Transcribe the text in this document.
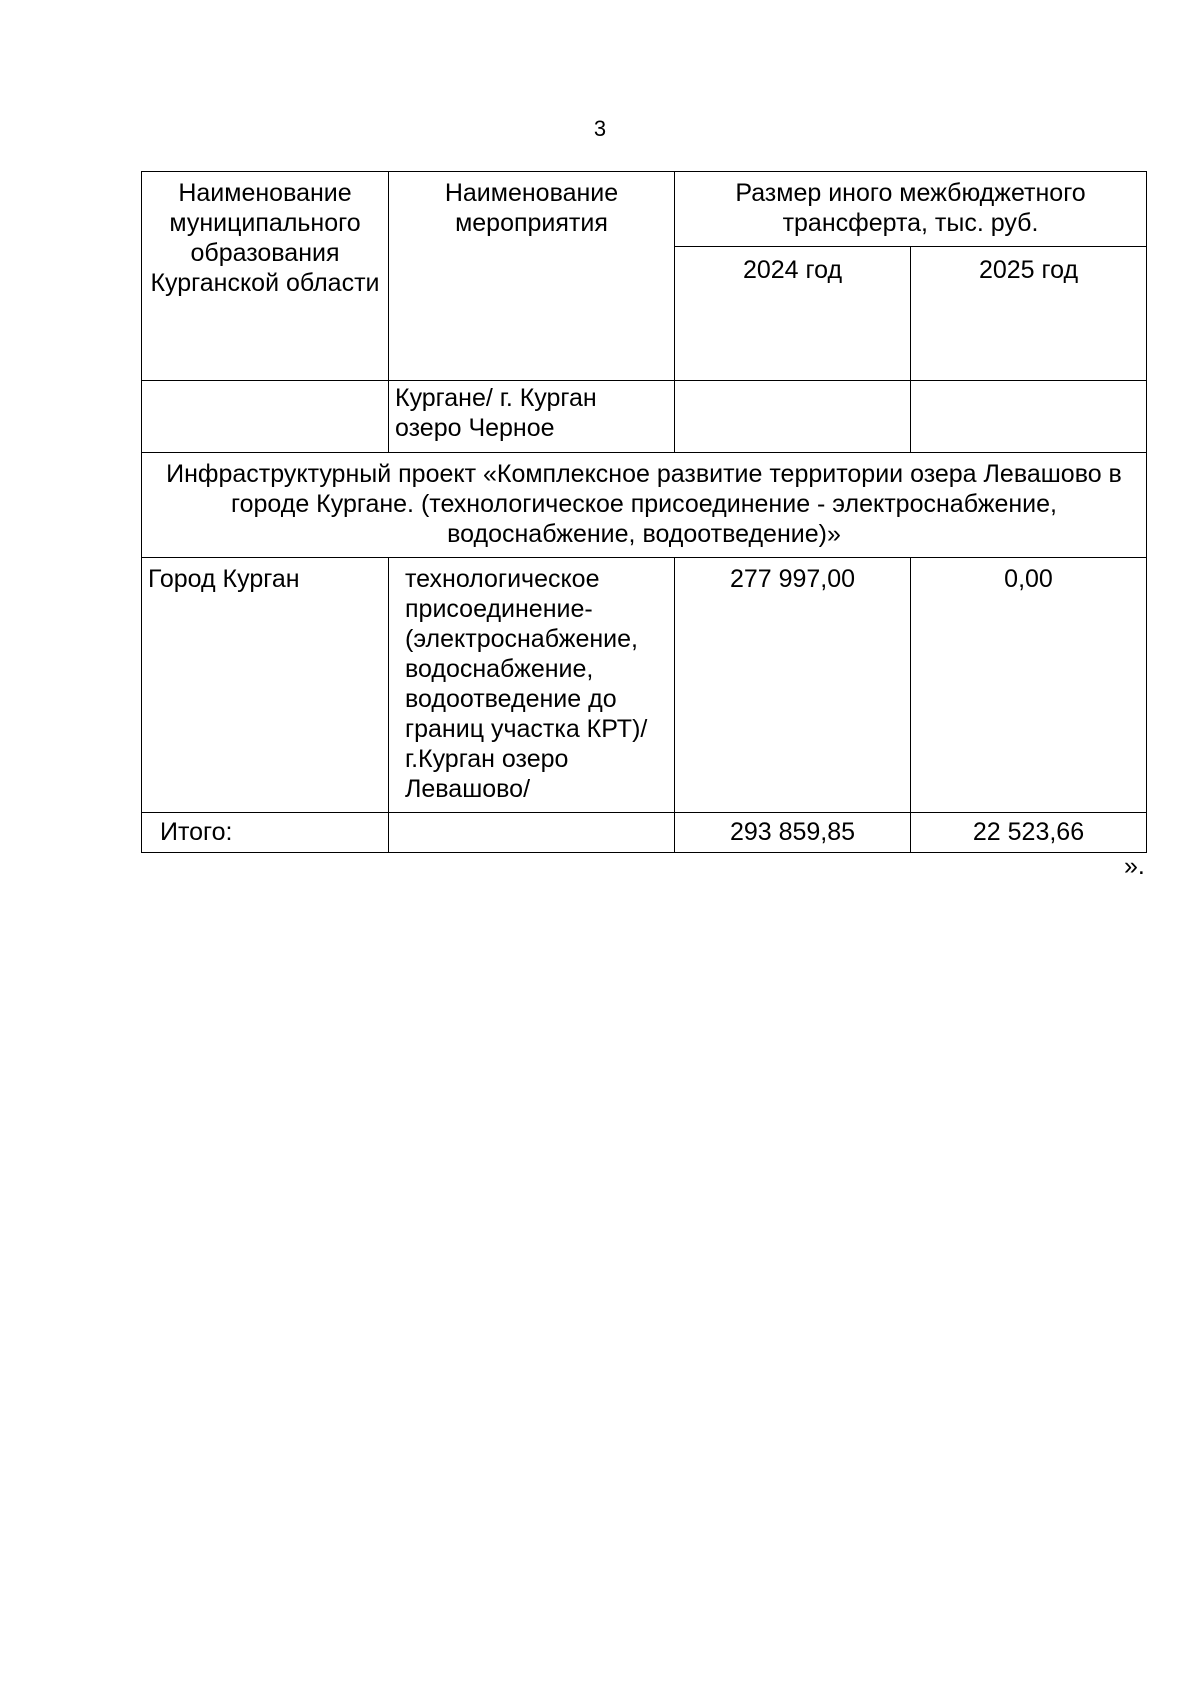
3
Наименование муниципального образования Курганской области	Наименование мероприятия	Размер иного межбюджетного трансферта, тыс. руб.	
		2024 год	2025 год
	Кургане/ г. Курган озеро Черное		
Инфраструктурный проект «Комплексное развитие территории озера Левашово в городе Кургане. (технологическое присоединение - электроснабжение, водоснабжение, водоотведение)»			
Город Курган	технологическое присоединение-(электроснабжение, водоснабжение, водоотведение до границ участка КРТ)/г.Курган озеро Левашово/	277 997,00	0,00
Итого:		293 859,85	22 523,66
».
